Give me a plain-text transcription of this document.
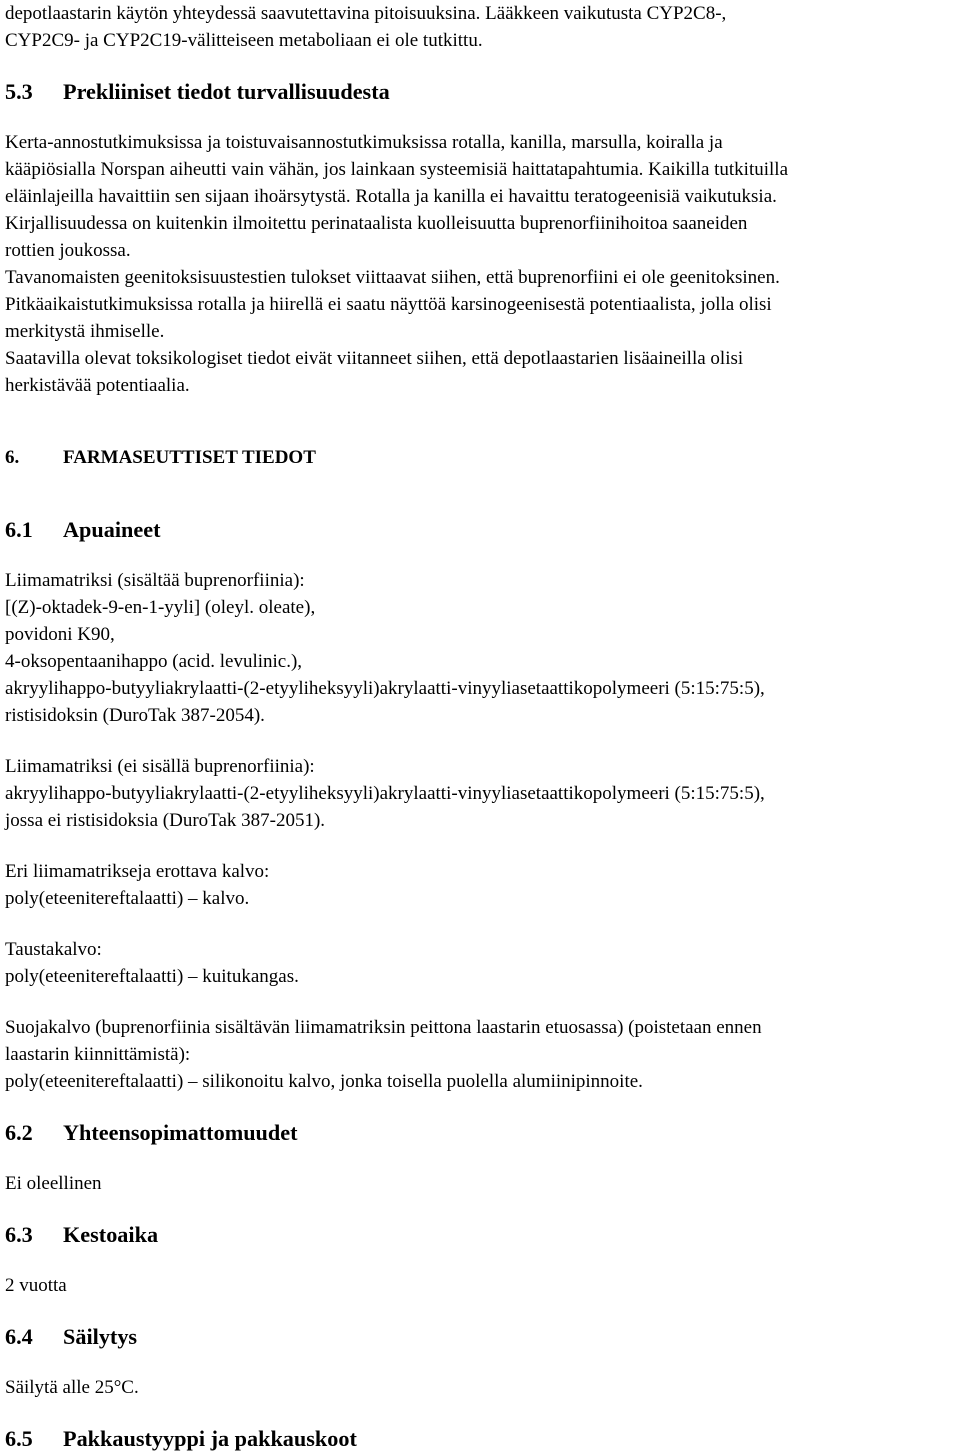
depotlaastarin käytön yhteydessä saavutettavina pitoisuuksina. Lääkkeen vaikutusta CYP2C8-,

CYP2C9- ja CYP2C19-välitteiseen metaboliaan ei ole tutkittu.

5.3 Prekliiniset tiedot turvallisuudesta

Kerta-annostutkimuksissa ja toistuvaisannostutkimuksissa rotalla, kanilla, marsulla, koiralla ja

kääpiösialla Norspan aiheutti vain vähän, jos lainkaan systeemisiä haittatapahtumia. Kaikilla tutkituilla

eläinlajeilla havaittiin sen sijaan ihoärsytystä. Rotalla ja kanilla ei havaittu teratogeenisiä vaikutuksia.

Kirjallisuudessa on kuitenkin ilmoitettu perinataalista kuolleisuutta buprenorfiinihoitoa saaneiden

rottien joukossa.

Tavanomaisten geenitoksisuustestien tulokset viittaavat siihen, että buprenorfiini ei ole geenitoksinen.

Pitkäaikaistutkimuksissa rotalla ja hiirellä ei saatu näyttöä karsinogeenisestä potentiaalista, jolla olisi

merkitystä ihmiselle.

Saatavilla olevat toksikologiset tiedot eivät viitanneet siihen, että depotlaastarien lisäaineilla olisi

herkistävää potentiaalia.

6. FARMASEUTTISET TIEDOT
6.1 Apuaineet

Liimamatriksi (sisältää buprenorfiinia):

[(Z)-oktadek-9-en-1-yyli] (oleyl. oleate),

povidoni K90,

4-oksopentaanihappo (acid. levulinic.),

akryylihappo-butyyliakrylaatti-(2-etyyliheksyyli)akrylaatti-vinyyliasetaattikopolymeeri (5:15:75:5),

ristisidoksin (DuroTak 387-2054).

Liimamatriksi (ei sisällä buprenorfiinia):

akryylihappo-butyyliakrylaatti-(2-etyyliheksyyli)akrylaatti-vinyyliasetaattikopolymeeri (5:15:75:5),

jossa ei ristisidoksia (DuroTak 387-2051).

Eri liimamatrikseja erottava kalvo:

poly(eteenitereftalaatti) – kalvo.

Taustakalvo:

poly(eteenitereftalaatti) – kuitukangas.

Suojakalvo (buprenorfiinia sisältävän liimamatriksin peittona laastarin etuosassa) (poistetaan ennen

laastarin kiinnittämistä):

poly(eteenitereftalaatti) – silikonoitu kalvo, jonka toisella puolella alumiinipinnoite.

6.2 Yhteensopimattomuudet

Ei oleellinen

6.3 Kestoaika

2 vuotta

6.4 Säilytys

Säilytä alle 25°C.

6.5 Pakkaustyyppi ja pakkauskoot
